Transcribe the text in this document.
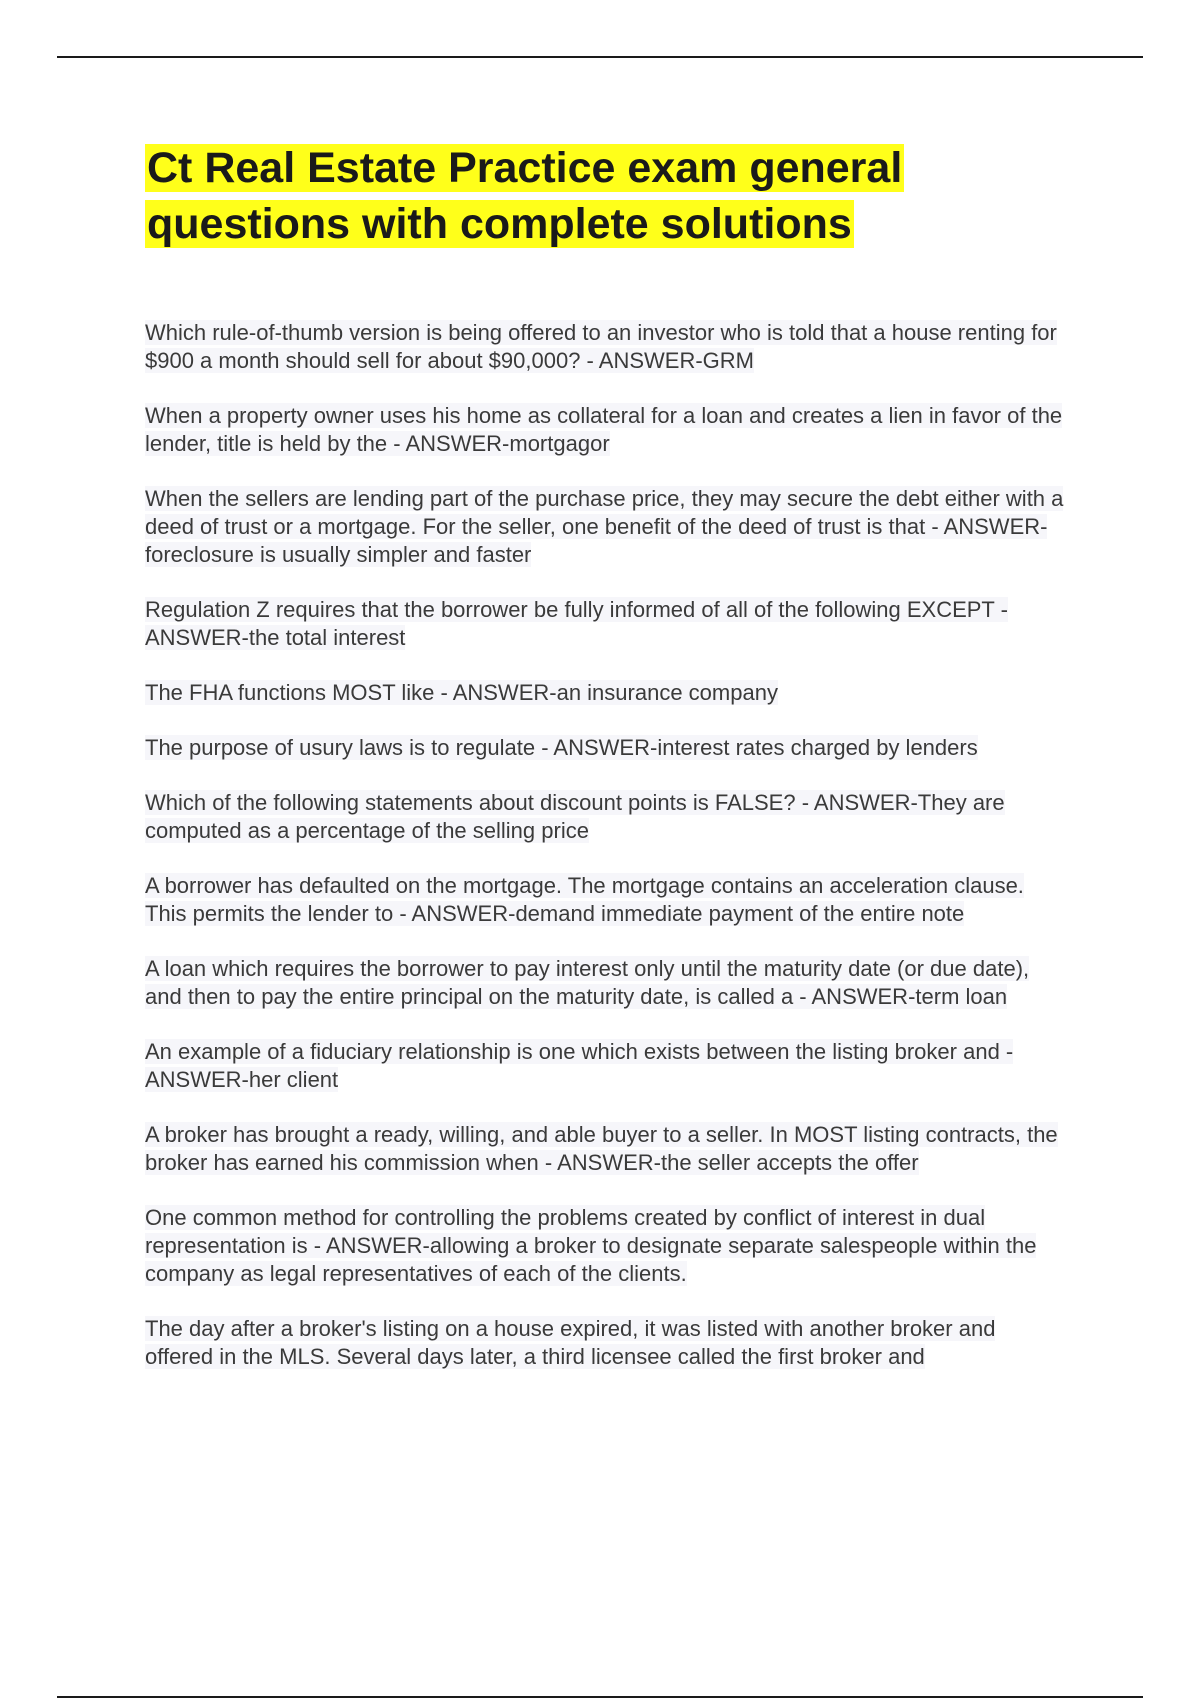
Ct Real Estate Practice exam general questions with complete solutions

Which rule-of-thumb version is being offered to an investor who is told that a house renting for $900 a month should sell for about $90,000? - ANSWER-GRM

When a property owner uses his home as collateral for a loan and creates a lien in favor of the lender, title is held by the - ANSWER-mortgagor

When the sellers are lending part of the purchase price, they may secure the debt either with a deed of trust or a mortgage. For the seller, one benefit of the deed of trust is that - ANSWER-foreclosure is usually simpler and faster

Regulation Z requires that the borrower be fully informed of all of the following EXCEPT - ANSWER-the total interest

The FHA functions MOST like - ANSWER-an insurance company

The purpose of usury laws is to regulate - ANSWER-interest rates charged by lenders

Which of the following statements about discount points is FALSE? - ANSWER-They are computed as a percentage of the selling price

A borrower has defaulted on the mortgage. The mortgage contains an acceleration clause. This permits the lender to - ANSWER-demand immediate payment of the entire note

A loan which requires the borrower to pay interest only until the maturity date (or due date), and then to pay the entire principal on the maturity date, is called a - ANSWER-term loan

An example of a fiduciary relationship is one which exists between the listing broker and - ANSWER-her client

A broker has brought a ready, willing, and able buyer to a seller. In MOST listing contracts, the broker has earned his commission when - ANSWER-the seller accepts the offer

One common method for controlling the problems created by conflict of interest in dual representation is - ANSWER-allowing a broker to designate separate salespeople within the company as legal representatives of each of the clients.

The day after a broker's listing on a house expired, it was listed with another broker and offered in the MLS. Several days later, a third licensee called the first broker and
